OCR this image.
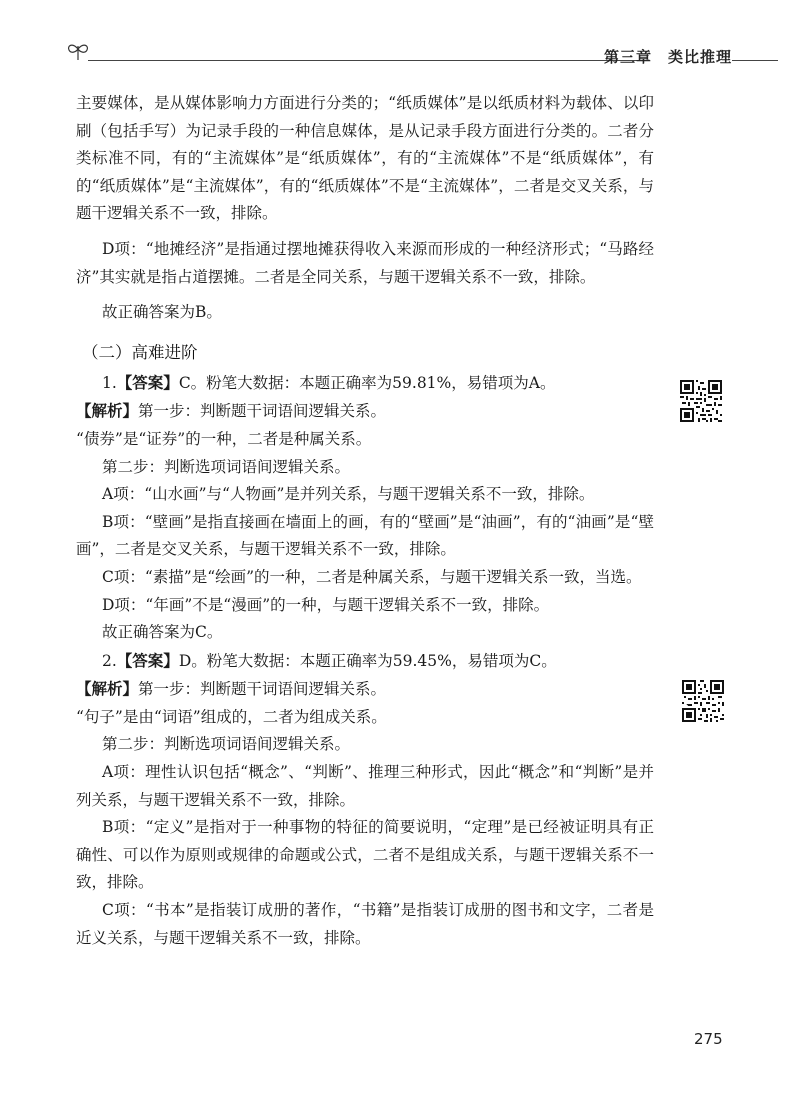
第三章 类比推理

主要媒体，是从媒体影响力方面进行分类的；“纸质媒体”是以纸质材料为载体、以印刷（包括手写）为记录手段的一种信息媒体，是从记录手段方面进行分类的。二者分类标准不同，有的“主流媒体”是“纸质媒体”，有的“主流媒体”不是“纸质媒体”，有的“纸质媒体”是“主流媒体”，有的“纸质媒体”不是“主流媒体”，二者是交叉关系，与题干逻辑关系不一致，排除。

D项：“地摊经济”是指通过摆地摊获得收入来源而形成的一种经济形式；“马路经济”其实就是指占道摆摊。二者是全同关系，与题干逻辑关系不一致，排除。

故正确答案为B。

（二）高难进阶

1.【答案】C。粉笔大数据：本题正确率为59.81%，易错项为A。

【解析】第一步：判断题干词语间逻辑关系。

“债券”是“证券”的一种，二者是种属关系。

第二步：判断选项词语间逻辑关系。

A项：“山水画”与“人物画”是并列关系，与题干逻辑关系不一致，排除。

B项：“壁画”是指直接画在墙面上的画，有的“壁画”是“油画”，有的“油画”是“壁画”，二者是交叉关系，与题干逻辑关系不一致，排除。

C项：“素描”是“绘画”的一种，二者是种属关系，与题干逻辑关系一致，当选。

D项：“年画”不是“漫画”的一种，与题干逻辑关系不一致，排除。

故正确答案为C。

2.【答案】D。粉笔大数据：本题正确率为59.45%，易错项为C。

【解析】第一步：判断题干词语间逻辑关系。

“句子”是由“词语”组成的，二者为组成关系。

第二步：判断选项词语间逻辑关系。

A项：理性认识包括“概念”、“判断”、推理三种形式，因此“概念”和“判断”是并列关系，与题干逻辑关系不一致，排除。

B项：“定义”是指对于一种事物的特征的简要说明，“定理”是已经被证明具有正确性、可以作为原则或规律的命题或公式，二者不是组成关系，与题干逻辑关系不一致，排除。

C项：“书本”是指装订成册的著作，“书籍”是指装订成册的图书和文字，二者是近义关系，与题干逻辑关系不一致，排除。

275
